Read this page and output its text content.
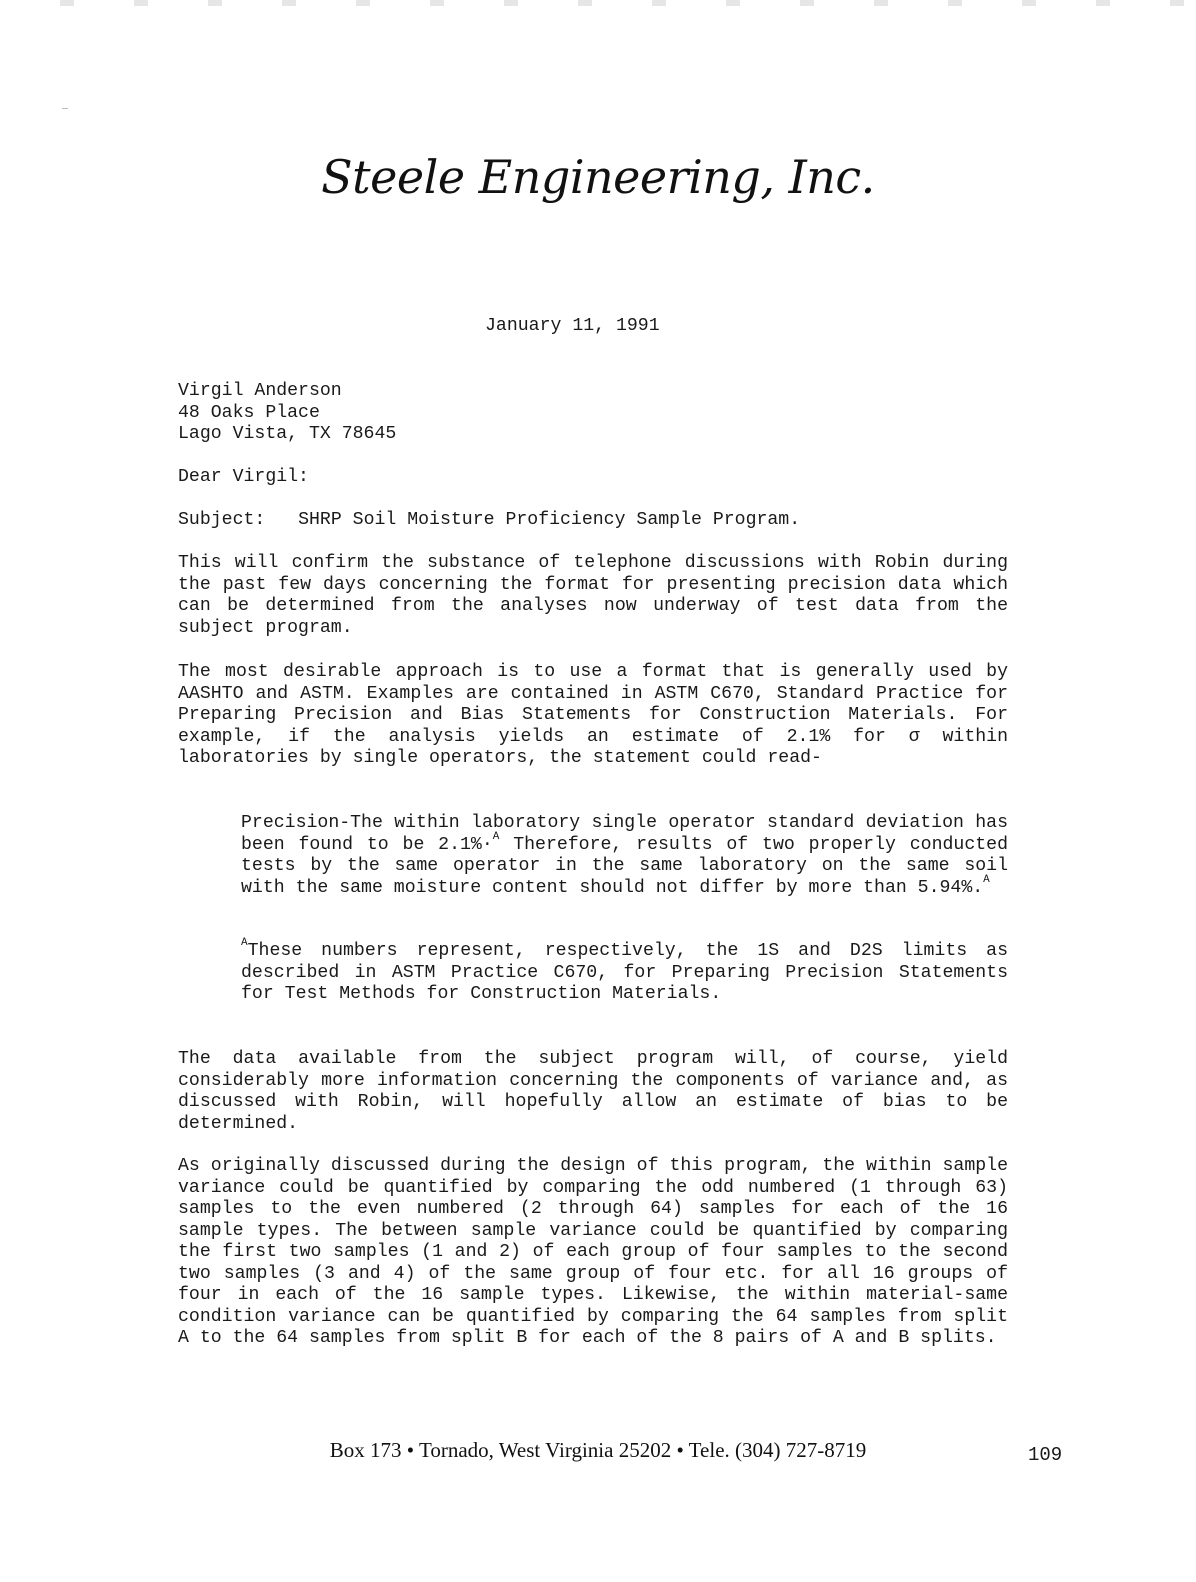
Steele Engineering, Inc.
January 11, 1991
Virgil Anderson
48 Oaks Place
Lago Vista, TX 78645
Dear Virgil:
Subject: SHRP Soil Moisture Proficiency Sample Program.
This will confirm the substance of telephone discussions with Robin during the past few days concerning the format for presenting precision data which can be determined from the analyses now underway of test data from the subject program.
The most desirable approach is to use a format that is generally used by AASHTO and ASTM. Examples are contained in ASTM C670, Standard Practice for Preparing Precision and Bias Statements for Construction Materials. For example, if the analysis yields an estimate of 2.1% for σ within laboratories by single operators, the statement could read-
Precision-The within laboratory single operator standard deviation has been found to be 2.1%·$^A$ Therefore, results of two properly conducted tests by the same operator in the same laboratory on the same soil with the same moisture content should not differ by more than 5.94%.$^A$
$^A$These numbers represent, respectively, the 1S and D2S limits as described in ASTM Practice C670, for Preparing Precision Statements for Test Methods for Construction Materials.
The data available from the subject program will, of course, yield considerably more information concerning the components of variance and, as discussed with Robin, will hopefully allow an estimate of bias to be determined.
As originally discussed during the design of this program, the within sample variance could be quantified by comparing the odd numbered (1 through 63) samples to the even numbered (2 through 64) samples for each of the 16 sample types. The between sample variance could be quantified by comparing the first two samples (1 and 2) of each group of four samples to the second two samples (3 and 4) of the same group of four etc. for all 16 groups of four in each of the 16 sample types. Likewise, the within material-same condition variance can be quantified by comparing the 64 samples from split A to the 64 samples from split B for each of the 8 pairs of A and B splits.
Box 173 • Tornado, West Virginia 25202 • Tele. (304) 727-8719	109
